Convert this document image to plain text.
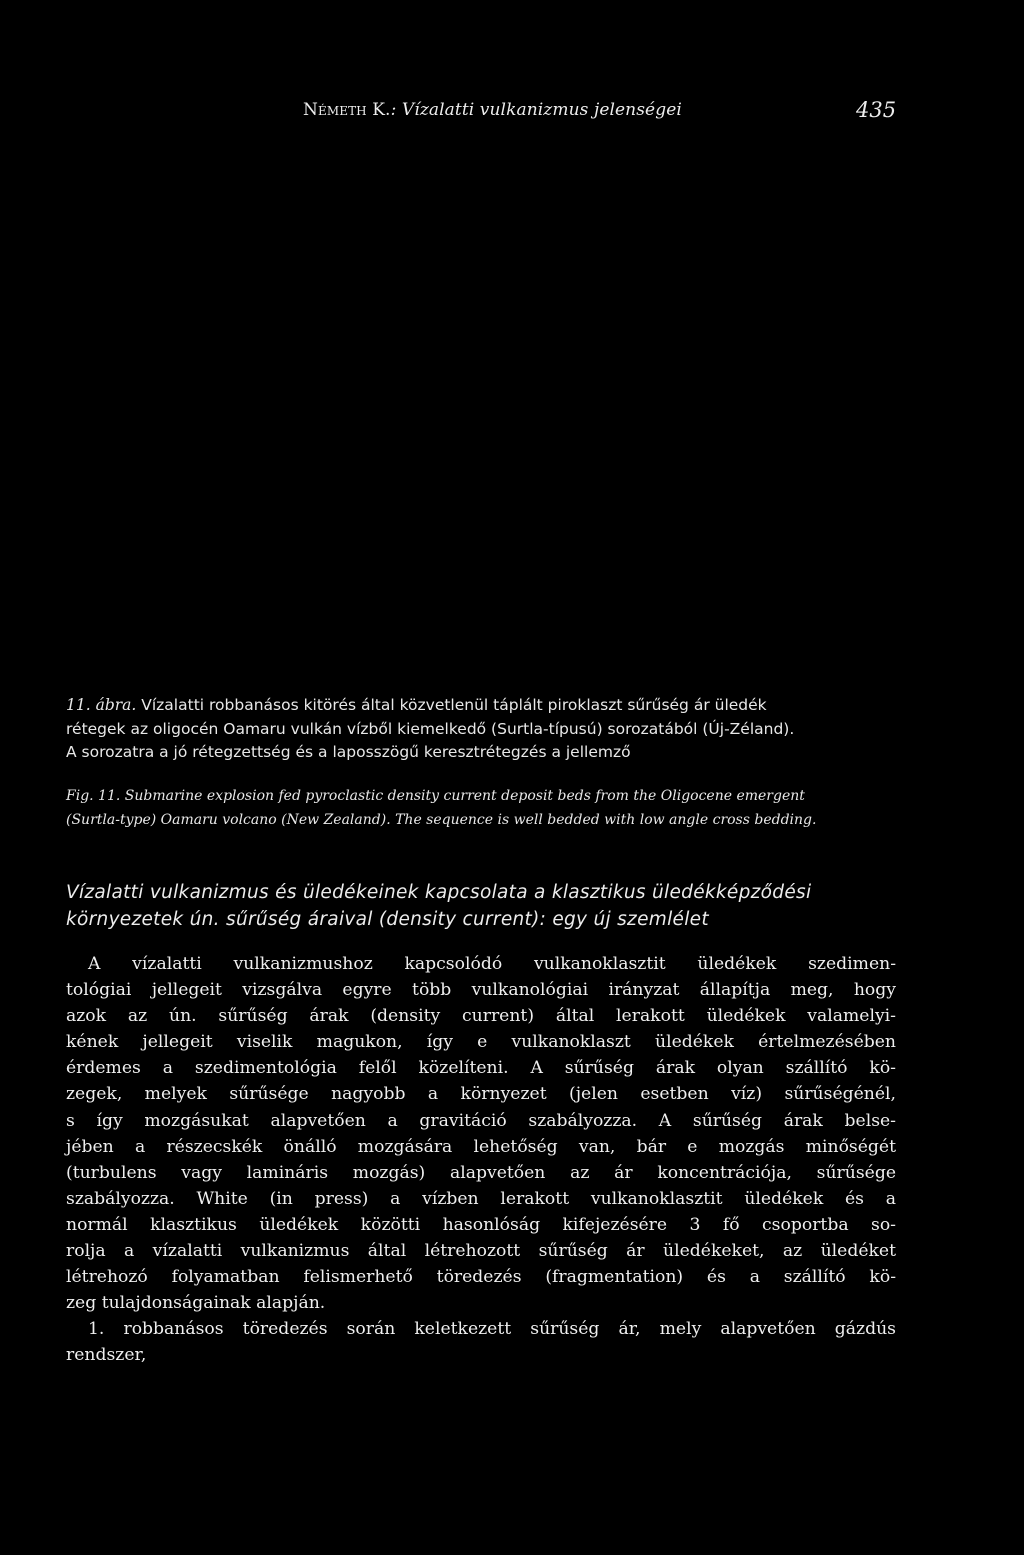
Németh K.: Vízalatti vulkanizmus jelenségei	435
11. ábra. Vízalatti robbanásos kitörés által közvetlenül táplált piroklaszt sűrűség ár üledék
rétegek az oligocén Oamaru vulkán vízből kiemelkedő (Surtla-típusú) sorozatából (Új-Zéland).
A sorozatra a jó rétegzettség és a laposszögű keresztrétegzés a jellemző
Fig. 11. Submarine explosion fed pyroclastic density current deposit beds from the Oligocene emergent
(Surtla-type) Oamaru volcano (New Zealand). The sequence is well bedded with low angle cross bedding.
Vízalatti vulkanizmus és üledékeinek kapcsolata a klasztikus üledékképződési
környezetek ún. sűrűség áraival (density current): egy új szemlélet
A vízalatti vulkanizmushoz kapcsolódó vulkanoklasztit üledékek szedimen-
tológiai jellegeit vizsgálva egyre több vulkanológiai irányzat állapítja meg, hogy
azok az ún. sűrűség árak (density current) által lerakott üledékek valamelyi-
kének jellegeit viselik magukon, így e vulkanoklaszt üledékek értelmezésében
érdemes a szedimentológia felől közelíteni. A sűrűség árak olyan szállító kö-
zegek, melyek sűrűsége nagyobb a környezet (jelen esetben víz) sűrűségénél,
s így mozgásukat alapvetően a gravitáció szabályozza. A sűrűség árak belse-
jében a részecskék önálló mozgására lehetőség van, bár e mozgás minőségét
(turbulens vagy lamináris mozgás) alapvetően az ár koncentrációja, sűrűsége
szabályozza. White (in press) a vízben lerakott vulkanoklasztit üledékek és a
normál klasztikus üledékek közötti hasonlóság kifejezésére 3 fő csoportba so-
rolja a vízalatti vulkanizmus által létrehozott sűrűség ár üledékeket, az üledéket
létrehozó folyamatban felismerhető töredezés (fragmentation) és a szállító kö-
zeg tulajdonságainak alapján.
1. robbanásos töredezés során keletkezett sűrűség ár, mely alapvetően gázdús
rendszer,
